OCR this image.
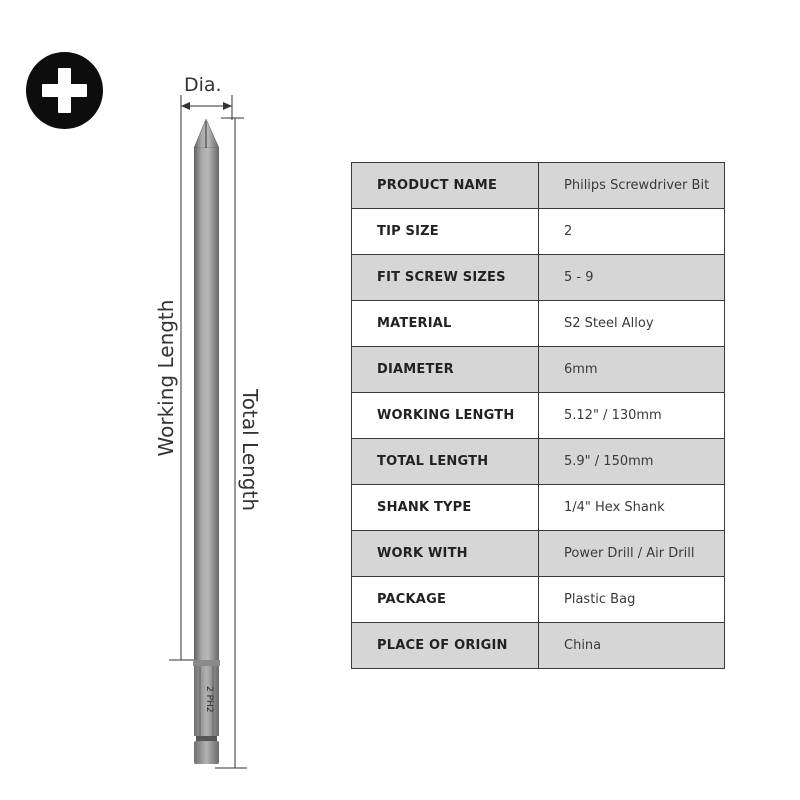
2 PH2
Dia.
Working Length	Total Length
PRODUCT NAME	Philips Screwdriver Bit
TIP SIZE	2
FIT SCREW SIZES	5 - 9
MATERIAL	S2 Steel Alloy
DIAMETER	6mm
WORKING LENGTH	5.12" / 130mm
TOTAL LENGTH	5.9" / 150mm
SHANK TYPE	1/4" Hex Shank
WORK WITH	Power Drill / Air Drill
PACKAGE	Plastic Bag
PLACE OF ORIGIN	China
